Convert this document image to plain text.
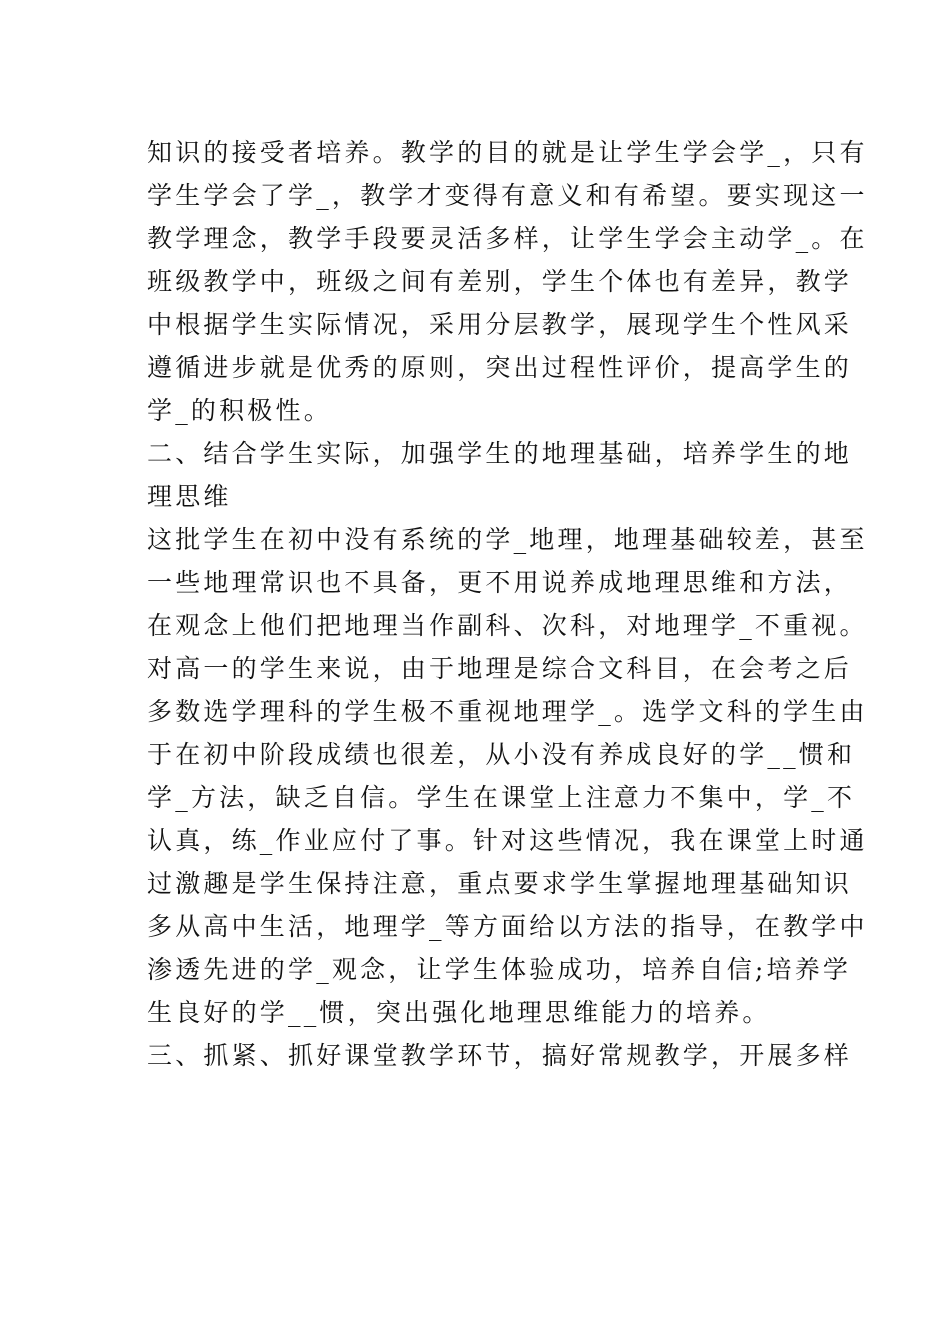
知识的接受者培养。教学的目的就是让学生学会学_，只有
学生学会了学_，教学才变得有意义和有希望。要实现这一
教学理念，教学手段要灵活多样，让学生学会主动学_。在
班级教学中，班级之间有差别，学生个体也有差异，教学
中根据学生实际情况，采用分层教学，展现学生个性风采
遵循进步就是优秀的原则，突出过程性评价，提高学生的
学_的积极性。
二、结合学生实际，加强学生的地理基础，培养学生的地
理思维
这批学生在初中没有系统的学_地理，地理基础较差，甚至
一些地理常识也不具备，更不用说养成地理思维和方法，
在观念上他们把地理当作副科、次科，对地理学_不重视。
对高一的学生来说，由于地理是综合文科目，在会考之后
多数选学理科的学生极不重视地理学_。选学文科的学生由
于在初中阶段成绩也很差，从小没有养成良好的学__惯和
学_方法，缺乏自信。学生在课堂上注意力不集中，学_不
认真，练_作业应付了事。针对这些情况，我在课堂上时通
过激趣是学生保持注意，重点要求学生掌握地理基础知识
多从高中生活，地理学_等方面给以方法的指导，在教学中
渗透先进的学_观念，让学生体验成功，培养自信;培养学
生良好的学__惯，突出强化地理思维能力的培养。
三、抓紧、抓好课堂教学环节，搞好常规教学，开展多样
